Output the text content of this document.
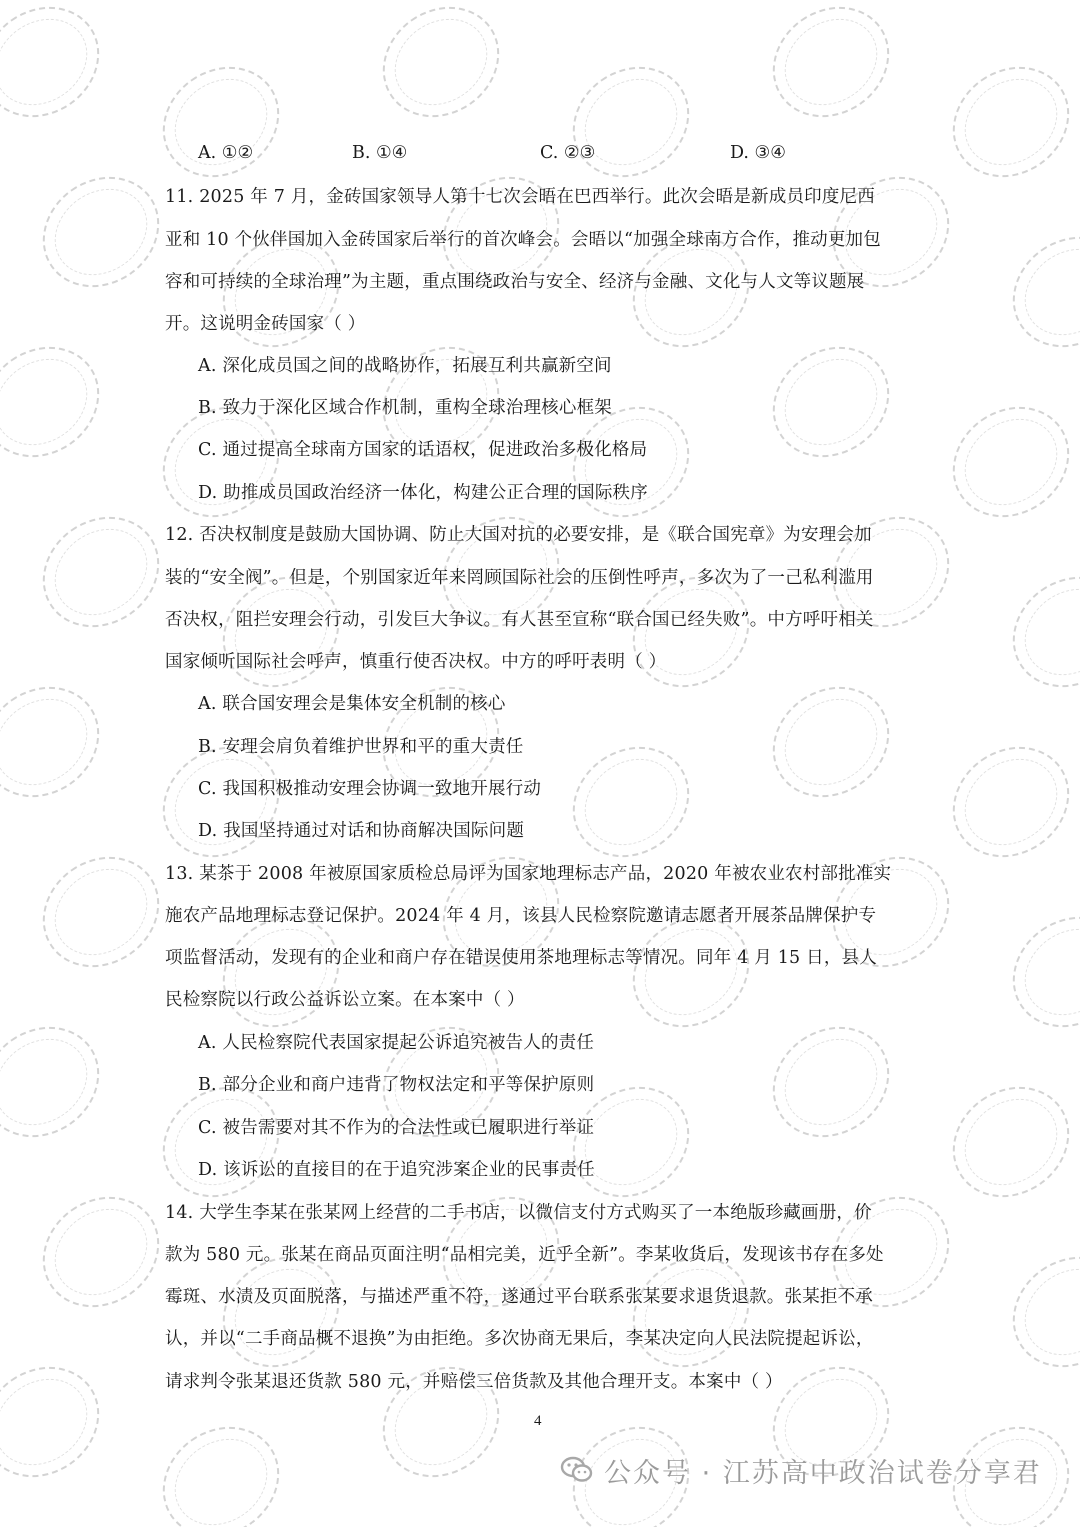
A. ①②	B. ①④	C. ②③	D. ③④
11. 2025 年 7 月，金砖国家领导人第十七次会晤在巴西举行。此次会晤是新成员印度尼西
亚和 10 个伙伴国加入金砖国家后举行的首次峰会。会晤以“加强全球南方合作，推动更加包
容和可持续的全球治理”为主题，重点围绕政治与安全、经济与金融、文化与人文等议题展
开。这说明金砖国家（ ）
A. 深化成员国之间的战略协作，拓展互利共赢新空间
B. 致力于深化区域合作机制，重构全球治理核心框架
C. 通过提高全球南方国家的话语权，促进政治多极化格局
D. 助推成员国政治经济一体化，构建公正合理的国际秩序
12. 否决权制度是鼓励大国协调、防止大国对抗的必要安排，是《联合国宪章》为安理会加
装的“安全阀”。但是，个别国家近年来罔顾国际社会的压倒性呼声，多次为了一己私利滥用
否决权，阻拦安理会行动，引发巨大争议。有人甚至宣称“联合国已经失败”。中方呼吁相关
国家倾听国际社会呼声，慎重行使否决权。中方的呼吁表明（ ）
A. 联合国安理会是集体安全机制的核心
B. 安理会肩负着维护世界和平的重大责任
C. 我国积极推动安理会协调一致地开展行动
D. 我国坚持通过对话和协商解决国际问题
13. 某茶于 2008 年被原国家质检总局评为国家地理标志产品，2020 年被农业农村部批准实
施农产品地理标志登记保护。2024 年 4 月，该县人民检察院邀请志愿者开展茶品牌保护专
项监督活动，发现有的企业和商户存在错误使用茶地理标志等情况。同年 4 月 15 日，县人
民检察院以行政公益诉讼立案。在本案中（ ）
A. 人民检察院代表国家提起公诉追究被告人的责任
B. 部分企业和商户违背了物权法定和平等保护原则
C. 被告需要对其不作为的合法性或已履职进行举证
D. 该诉讼的直接目的在于追究涉案企业的民事责任
14. 大学生李某在张某网上经营的二手书店，以微信支付方式购买了一本绝版珍藏画册，价
款为 580 元。张某在商品页面注明“品相完美，近乎全新”。李某收货后，发现该书存在多处
霉斑、水渍及页面脱落，与描述严重不符，遂通过平台联系张某要求退货退款。张某拒不承
认，并以“二手商品概不退换”为由拒绝。多次协商无果后，李某决定向人民法院提起诉讼，
请求判令张某退还货款 580 元，并赔偿三倍货款及其他合理开支。本案中（ ）
4
公众号 · 江苏高中政治试卷分享君
